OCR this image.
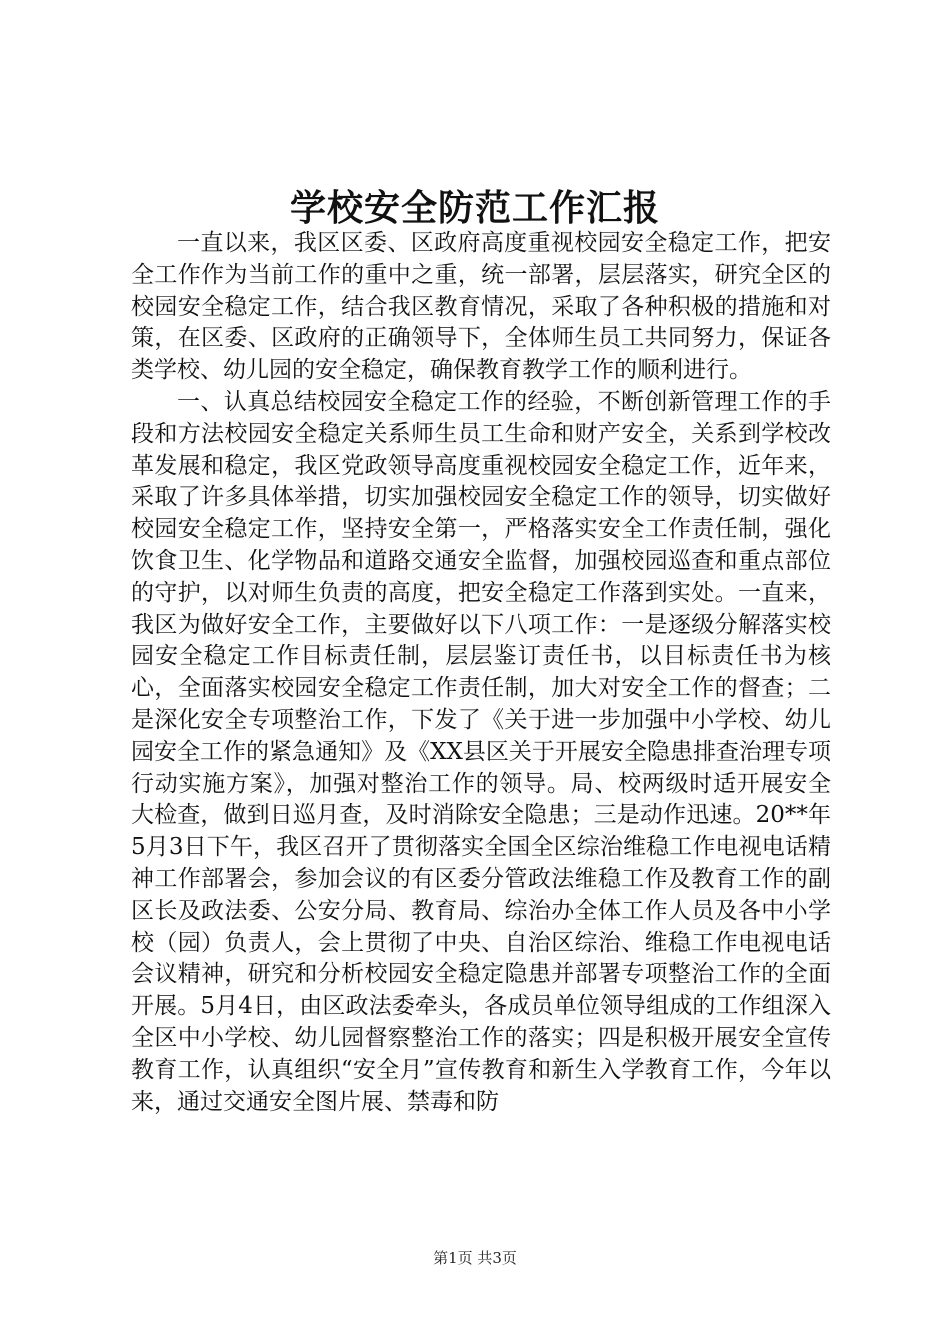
学校安全防范工作汇报

一直以来，我区区委、区政府高度重视校园安全稳定工作，把安全工作作为当前工作的重中之重，统一部署，层层落实，研究全区的校园安全稳定工作，结合我区教育情况，采取了各种积极的措施和对策，在区委、区政府的正确领导下，全体师生员工共同努力，保证各类学校、幼儿园的安全稳定，确保教育教学工作的顺利进行。

一、认真总结校园安全稳定工作的经验，不断创新管理工作的手段和方法校园安全稳定关系师生员工生命和财产安全，关系到学校改革发展和稳定，我区党政领导高度重视校园安全稳定工作，近年来，采取了许多具体举措，切实加强校园安全稳定工作的领导，切实做好校园安全稳定工作，坚持安全第一，严格落实安全工作责任制，强化饮食卫生、化学物品和道路交通安全监督，加强校园巡查和重点部位的守护，以对师生负责的高度，把安全稳定工作落到实处。一直来，我区为做好安全工作，主要做好以下八项工作：一是逐级分解落实校园安全稳定工作目标责任制，层层鉴订责任书，以目标责任书为核心，全面落实校园安全稳定工作责任制，加大对安全工作的督查；二是深化安全专项整治工作，下发了《关于进一步加强中小学校、幼儿园安全工作的紧急通知》及《XX县区关于开展安全隐患排查治理专项行动实施方案》，加强对整治工作的领导。局、校两级时适开展安全大检查，做到日巡月查，及时消除安全隐患；三是动作迅速。20**年5月3日下午，我区召开了贯彻落实全国全区综治维稳工作电视电话精神工作部署会，参加会议的有区委分管政法维稳工作及教育工作的副区长及政法委、公安分局、教育局、综治办全体工作人员及各中小学校（园）负责人，会上贯彻了中央、自治区综治、维稳工作电视电话会议精神，研究和分析校园安全稳定隐患并部署专项整治工作的全面开展。5月4日，由区政法委牵头，各成员单位领导组成的工作组深入全区中小学校、幼儿园督察整治工作的落实；四是积极开展安全宣传教育工作，认真组织“安全月”宣传教育和新生入学教育工作，今年以来，通过交通安全图片展、禁毒和防

第1页 共3页
